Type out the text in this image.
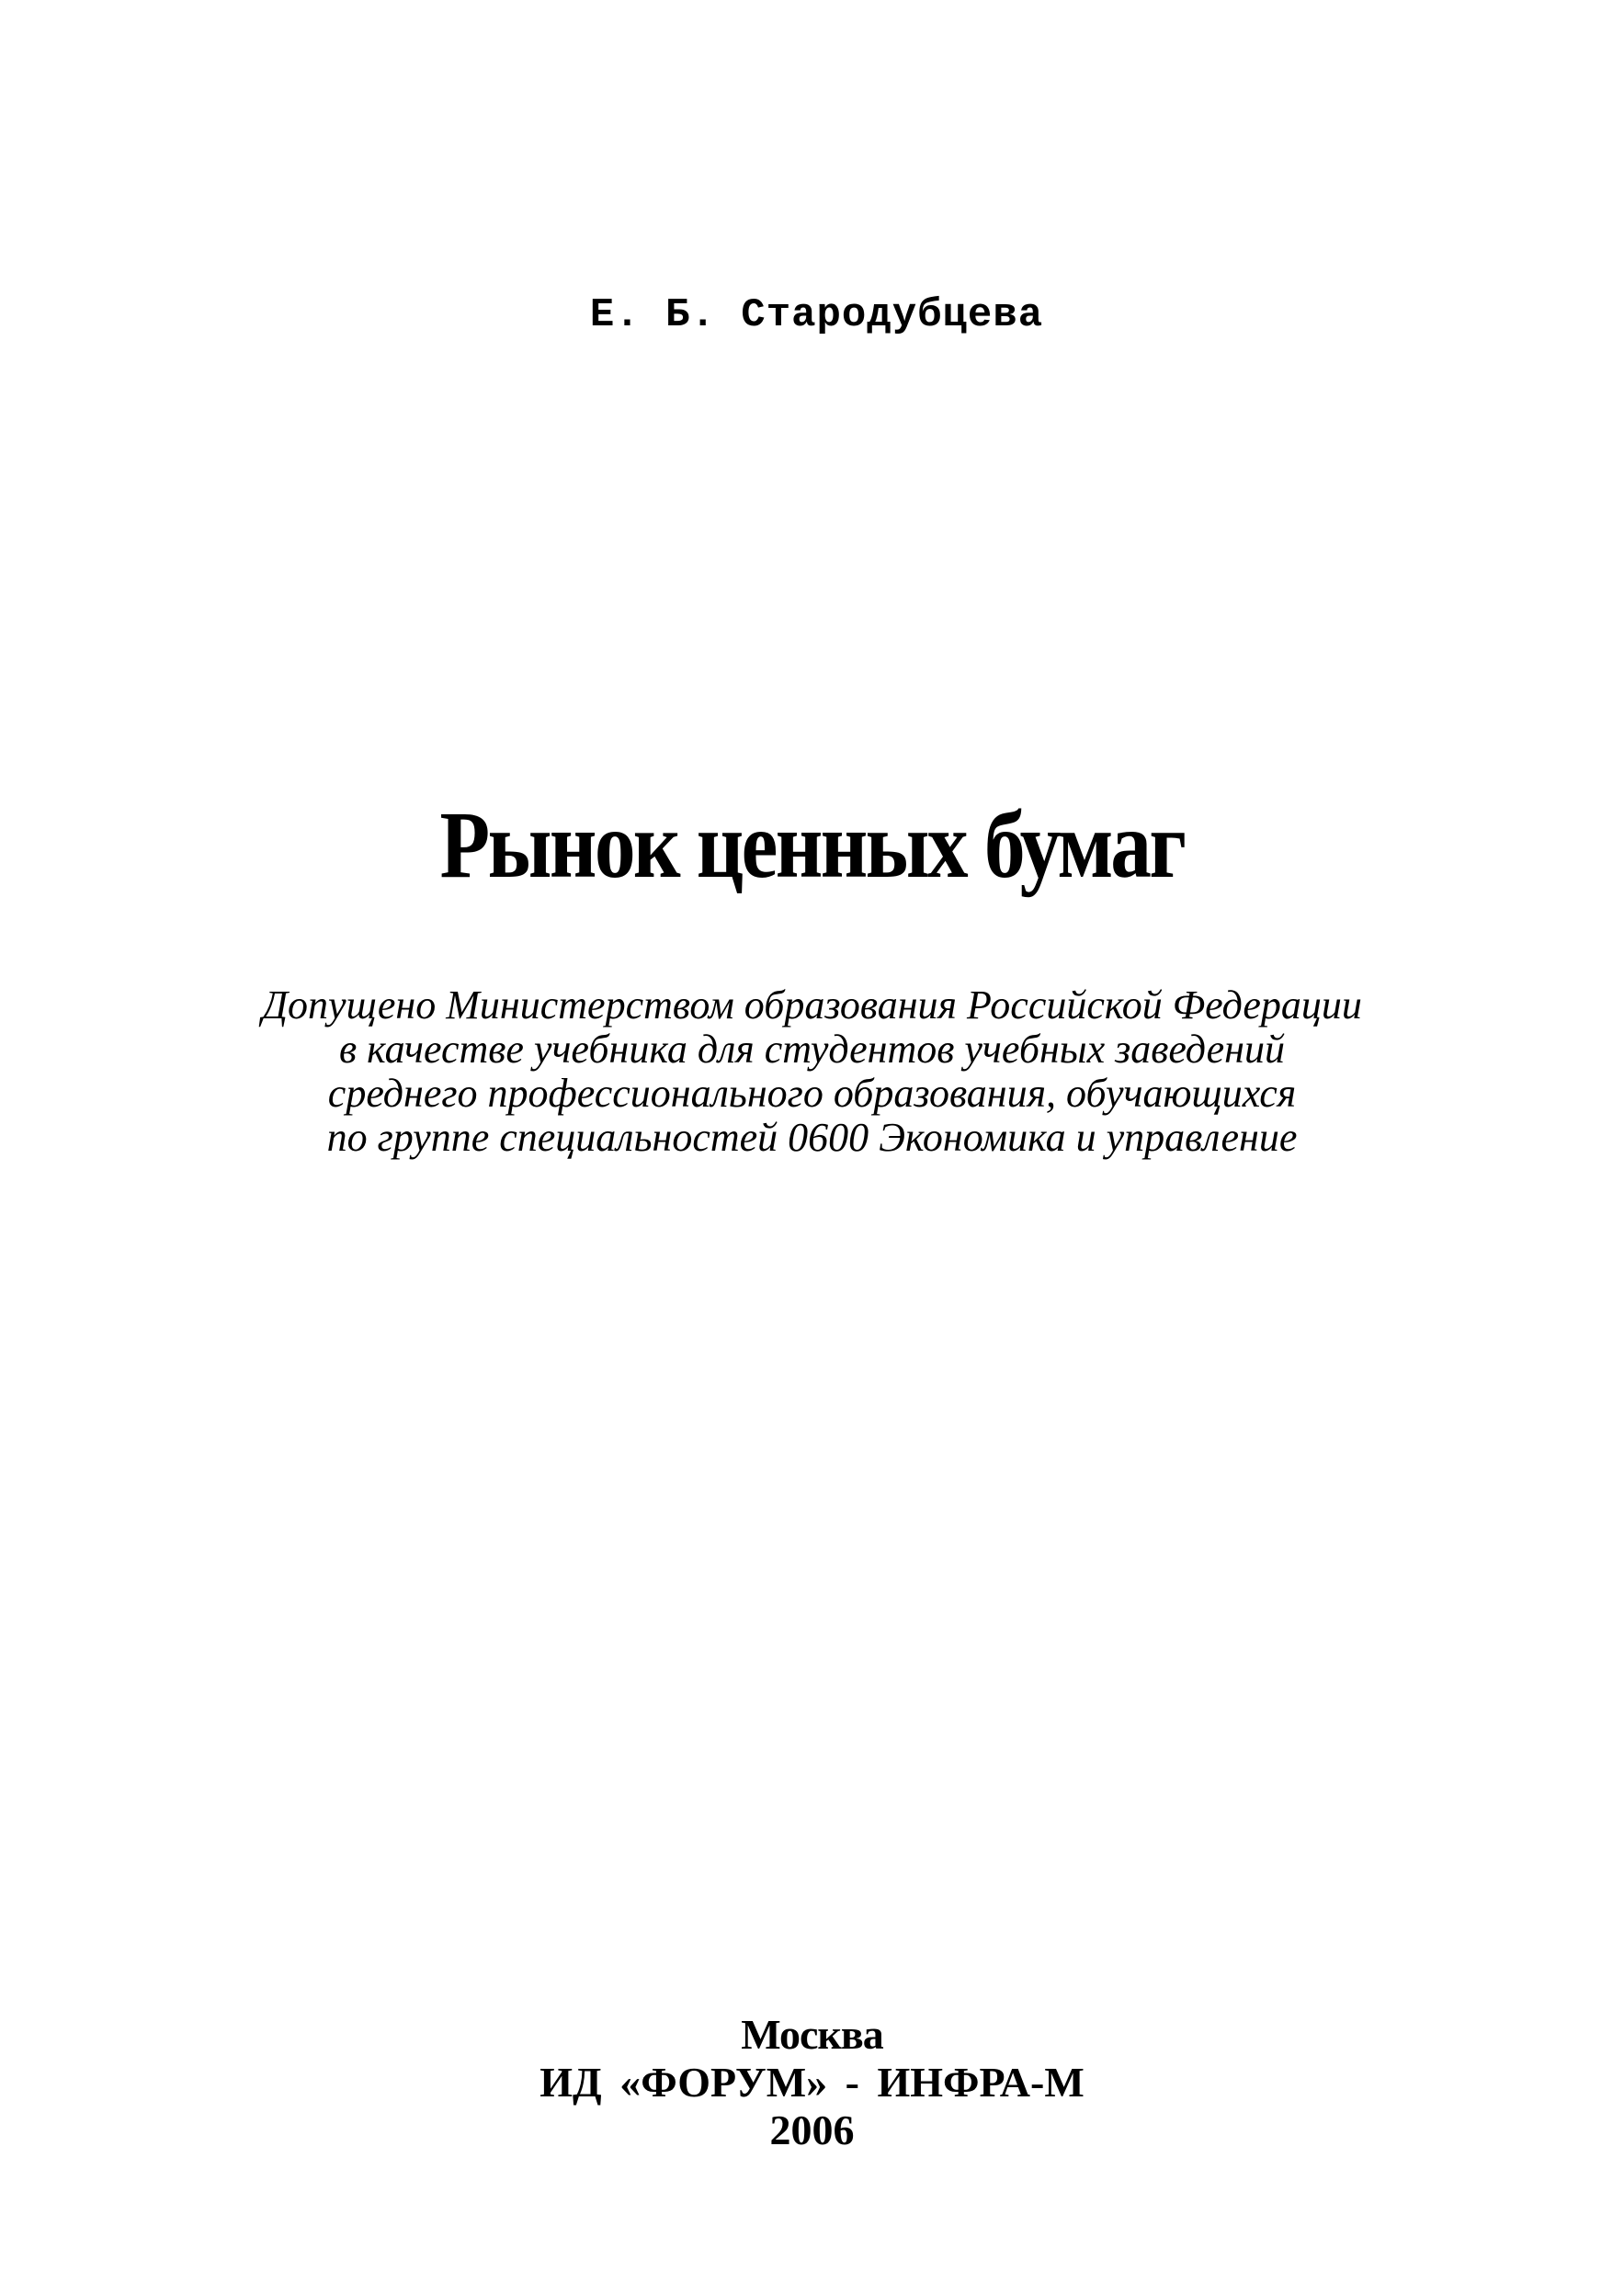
Е. Б. Стародубцева
Рынок ценных бумаг
Допущено Министерством образования Российской Федерации
в качестве учебника для студентов учебных заведений
среднего профессионального образования, обучающихся
по группе специальностей 0600 Экономика и управление
Москва
ИД «ФОРУМ» - ИНФРА-М
2006
